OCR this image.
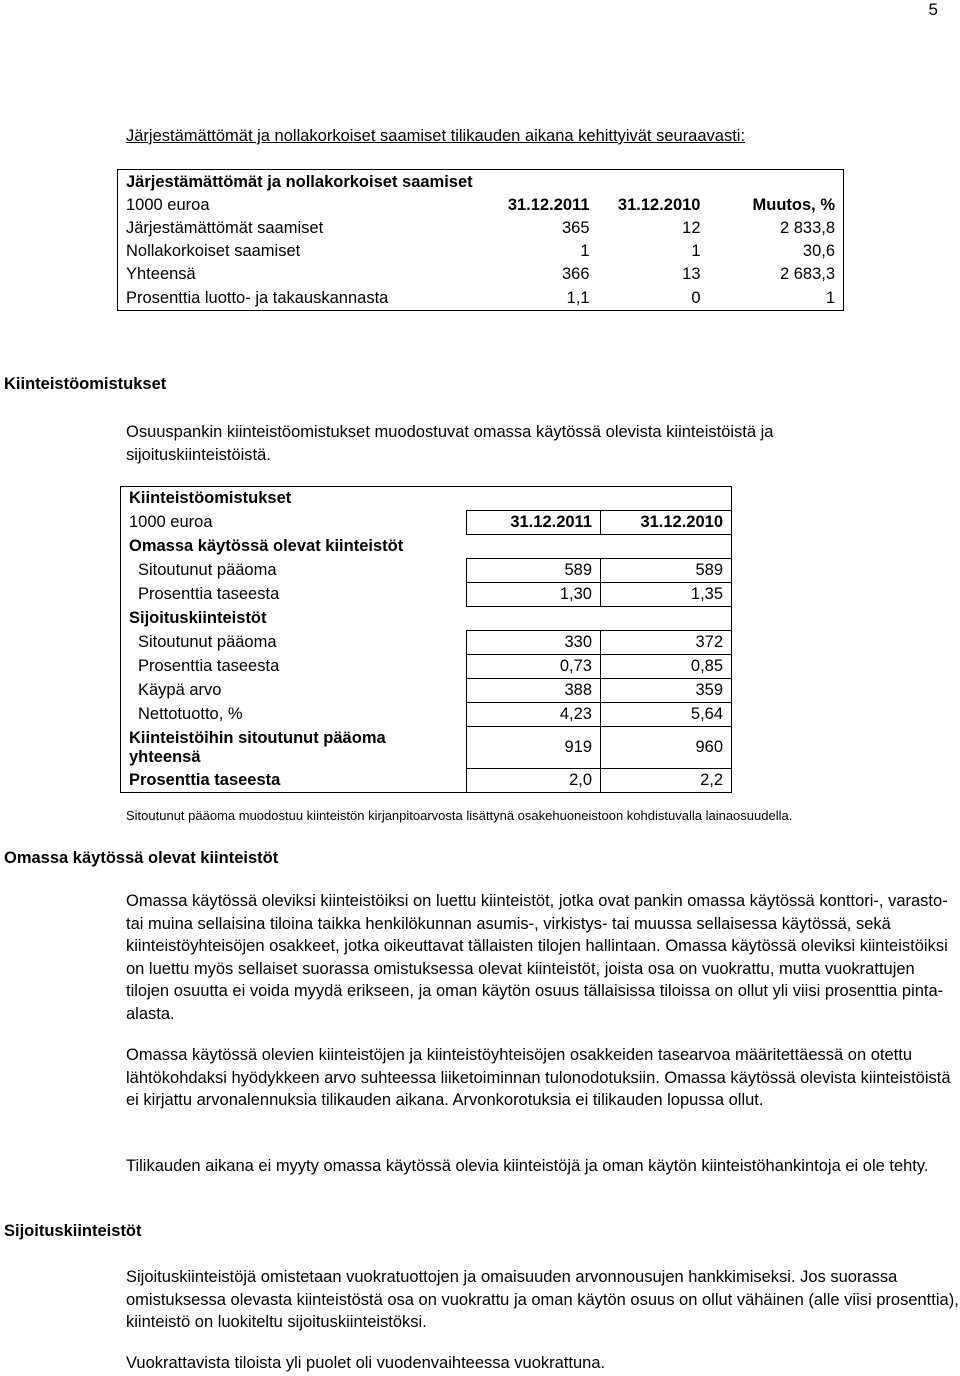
5
Järjestämättömät ja nollakorkoiset saamiset tilikauden aikana kehittyivät seuraavasti:
Järjestämättömät ja nollakorkoiset saamiset			
1000 euroa	31.12.2011	31.12.2010	Muutos, %
Järjestämättömät saamiset	365	12	2 833,8
Nollakorkoiset saamiset	1	1	30,6
Yhteensä	366	13	2 683,3
Prosenttia luotto- ja takauskannasta	1,1	0	1
Kiinteistöomistukset
Osuuspankin kiinteistöomistukset muodostuvat omassa käytössä olevista kiinteistöistä ja sijoituskiinteistöistä.
Kiinteistöomistukset		
1000 euroa	31.12.2011	31.12.2010
Omassa käytössä olevat kiinteistöt		
Sitoutunut pääoma	589	589
Prosenttia taseesta	1,30	1,35
Sijoituskiinteistöt		
Sitoutunut pääoma	330	372
Prosenttia taseesta	0,73	0,85
Käypä arvo	388	359
Nettotuotto, %	4,23	5,64
Kiinteistöihin sitoutunut pääoma yhteensä	919	960
Prosenttia taseesta	2,0	2,2
Sitoutunut pääoma muodostuu kiinteistön kirjanpitoarvosta lisättynä osakehuoneistoon kohdistuvalla lainaosuudella.
Omassa käytössä olevat kiinteistöt
Omassa käytössä oleviksi kiinteistöiksi on luettu kiinteistöt, jotka ovat pankin omassa käytössä konttori-, varasto- tai muina sellaisina tiloina taikka henkilökunnan asumis-, virkistys- tai muussa sellaisessa käytössä, sekä kiinteistöyhteisöjen osakkeet, jotka oikeuttavat tällaisten tilojen hallintaan. Omassa käytössä oleviksi kiinteistöiksi on luettu myös sellaiset suorassa omistuksessa olevat kiinteistöt, joista osa on vuokrattu, mutta vuokrattujen tilojen osuutta ei voida myydä erikseen, ja oman käytön osuus tällaisissa tiloissa on ollut yli viisi prosenttia pinta-alasta.
Omassa käytössä olevien kiinteistöjen ja kiinteistöyhteisöjen osakkeiden tasearvoa määritettäessä on otettu lähtökohdaksi hyödykkeen arvo suhteessa liiketoiminnan tulonodotuksiin. Omassa käytössä olevista kiinteistöistä ei kirjattu arvonalennuksia tilikauden aikana. Arvonkorotuksia ei tilikauden lopussa ollut.
Tilikauden aikana ei myyty omassa käytössä olevia kiinteistöjä ja oman käytön kiinteistöhankintoja ei ole tehty.
Sijoituskiinteistöt
Sijoituskiinteistöjä omistetaan vuokratuottojen ja omaisuuden arvonnousujen hankkimiseksi. Jos suorassa omistuksessa olevasta kiinteistöstä osa on vuokrattu ja oman käytön osuus on ollut vähäinen (alle viisi prosenttia), kiinteistö on luokiteltu sijoituskiinteistöksi.
Vuokrattavista tiloista yli puolet oli vuodenvaihteessa vuokrattuna.
